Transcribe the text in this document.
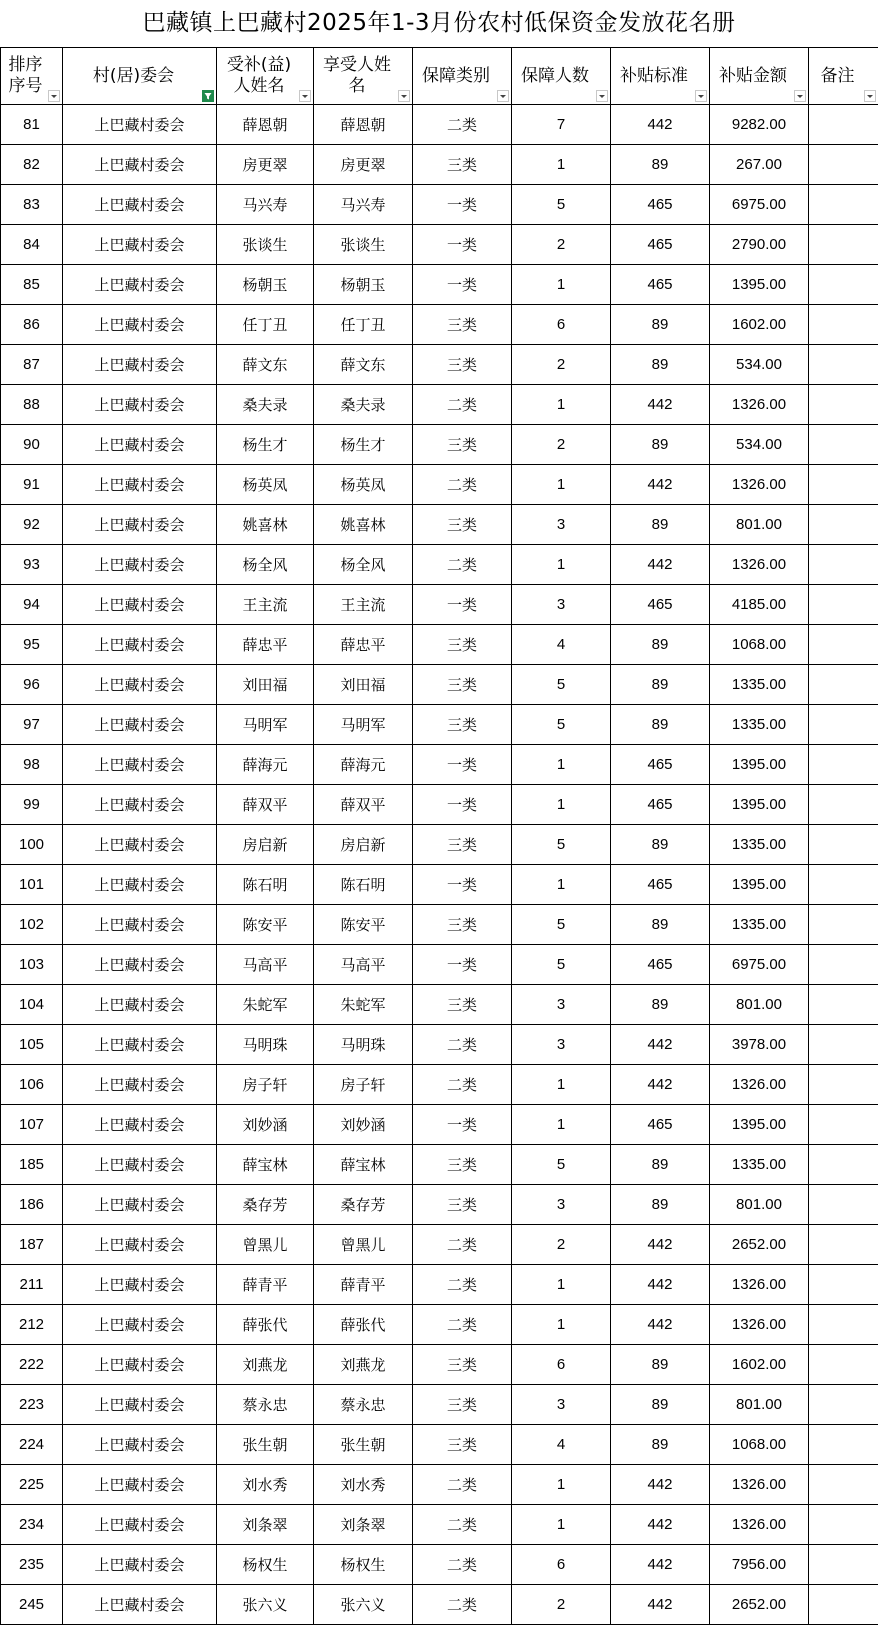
巴藏镇上巴藏村2025年1-3月份农村低保资金发放花名册
排序序号	村(居)委会	受补(益)人姓名	享受人姓名	保障类别	保障人数	补贴标准	补贴金额	备注

81	上巴藏村委会	薛恩朝	薛恩朝	二类	7	442	9282.00	
82	上巴藏村委会	房更翠	房更翠	三类	1	89	267.00	
83	上巴藏村委会	马兴寿	马兴寿	一类	5	465	6975.00	
84	上巴藏村委会	张谈生	张谈生	一类	2	465	2790.00	
85	上巴藏村委会	杨朝玉	杨朝玉	一类	1	465	1395.00	
86	上巴藏村委会	任丁丑	任丁丑	三类	6	89	1602.00	
87	上巴藏村委会	薛文东	薛文东	三类	2	89	534.00	
88	上巴藏村委会	桑夫录	桑夫录	二类	1	442	1326.00	
90	上巴藏村委会	杨生才	杨生才	三类	2	89	534.00	
91	上巴藏村委会	杨英凤	杨英凤	二类	1	442	1326.00	
92	上巴藏村委会	姚喜林	姚喜林	三类	3	89	801.00	
93	上巴藏村委会	杨全风	杨全风	二类	1	442	1326.00	
94	上巴藏村委会	王主流	王主流	一类	3	465	4185.00	
95	上巴藏村委会	薛忠平	薛忠平	三类	4	89	1068.00	
96	上巴藏村委会	刘田福	刘田福	三类	5	89	1335.00	
97	上巴藏村委会	马明军	马明军	三类	5	89	1335.00	
98	上巴藏村委会	薛海元	薛海元	一类	1	465	1395.00	
99	上巴藏村委会	薛双平	薛双平	一类	1	465	1395.00	
100	上巴藏村委会	房启新	房启新	三类	5	89	1335.00	
101	上巴藏村委会	陈石明	陈石明	一类	1	465	1395.00	
102	上巴藏村委会	陈安平	陈安平	三类	5	89	1335.00	
103	上巴藏村委会	马高平	马高平	一类	5	465	6975.00	
104	上巴藏村委会	朱蛇军	朱蛇军	三类	3	89	801.00	
105	上巴藏村委会	马明珠	马明珠	二类	3	442	3978.00	
106	上巴藏村委会	房子轩	房子轩	二类	1	442	1326.00	
107	上巴藏村委会	刘妙涵	刘妙涵	一类	1	465	1395.00	
185	上巴藏村委会	薛宝林	薛宝林	三类	5	89	1335.00	
186	上巴藏村委会	桑存芳	桑存芳	三类	3	89	801.00	
187	上巴藏村委会	曾黑儿	曾黑儿	二类	2	442	2652.00	
211	上巴藏村委会	薛青平	薛青平	二类	1	442	1326.00	
212	上巴藏村委会	薛张代	薛张代	二类	1	442	1326.00	
222	上巴藏村委会	刘燕龙	刘燕龙	三类	6	89	1602.00	
223	上巴藏村委会	蔡永忠	蔡永忠	三类	3	89	801.00	
224	上巴藏村委会	张生朝	张生朝	三类	4	89	1068.00	
225	上巴藏村委会	刘水秀	刘水秀	二类	1	442	1326.00	
234	上巴藏村委会	刘条翠	刘条翠	二类	1	442	1326.00	
235	上巴藏村委会	杨权生	杨权生	二类	6	442	7956.00	
245	上巴藏村委会	张六义	张六义	二类	2	442	2652.00	
